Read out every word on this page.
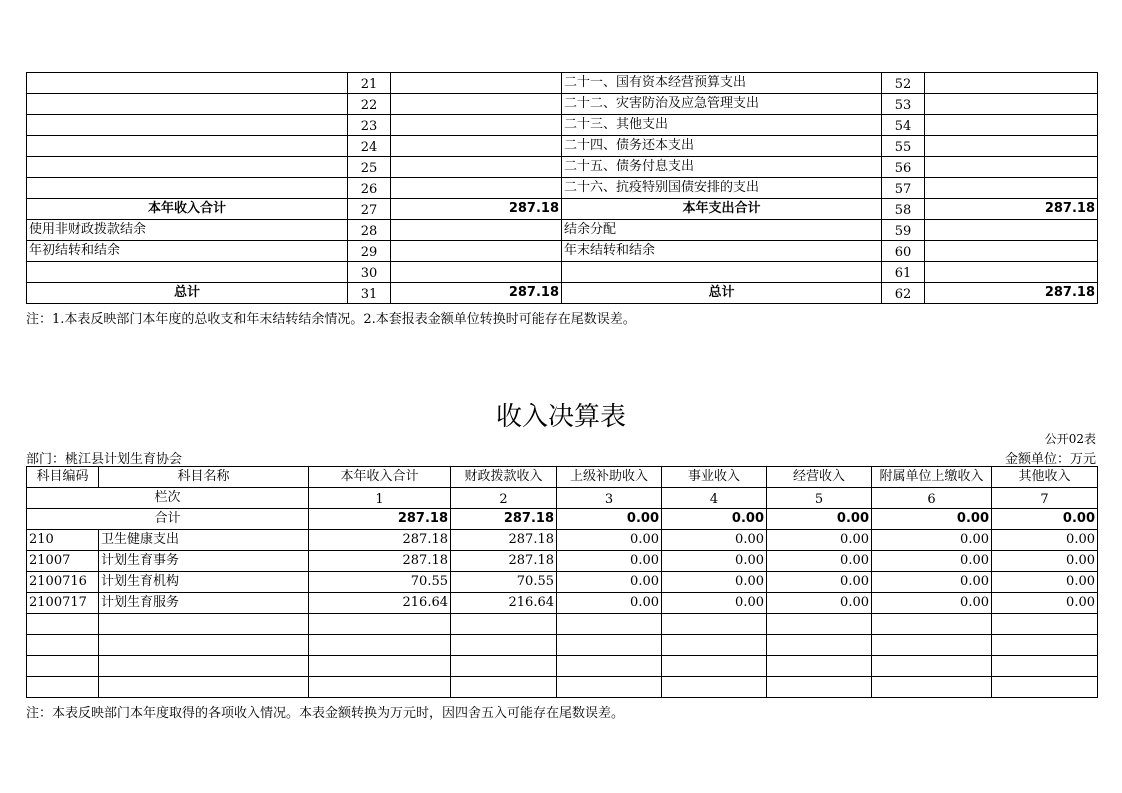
	21		二十一、国有资本经营预算支出	52	
	22		二十二、灾害防治及应急管理支出	53	
	23		二十三、其他支出	54	
	24		二十四、债务还本支出	55	
	25		二十五、债务付息支出	56	
	26		二十六、抗疫特别国债安排的支出	57	
本年收入合计	27	287.18	本年支出合计	58	287.18
使用非财政拨款结余	28		结余分配	59	
年初结转和结余	29		年末结转和结余	60	
	30			61	
总计	31	287.18	总计	62	287.18
注：1.本表反映部门本年度的总收支和年末结转结余情况。2.本套报表金额单位转换时可能存在尾数误差。
收入决算表
公开02表
部门：桃江县计划生育协会	金额单位：万元
科目编码	科目名称	本年收入合计	财政拨款收入	上级补助收入	事业收入	经营收入	附属单位上缴收入	其他收入
栏次		1	2	3	4	5	6	7
合计		287.18	287.18	0.00	0.00	0.00	0.00	0.00
210	卫生健康支出	287.18	287.18	0.00	0.00	0.00	0.00	0.00
21007	计划生育事务	287.18	287.18	0.00	0.00	0.00	0.00	0.00
2100716	计划生育机构	70.55	70.55	0.00	0.00	0.00	0.00	0.00
2100717	计划生育服务	216.64	216.64	0.00	0.00	0.00	0.00	0.00

注：本表反映部门本年度取得的各项收入情况。本表金额转换为万元时，因四舍五入可能存在尾数误差。
